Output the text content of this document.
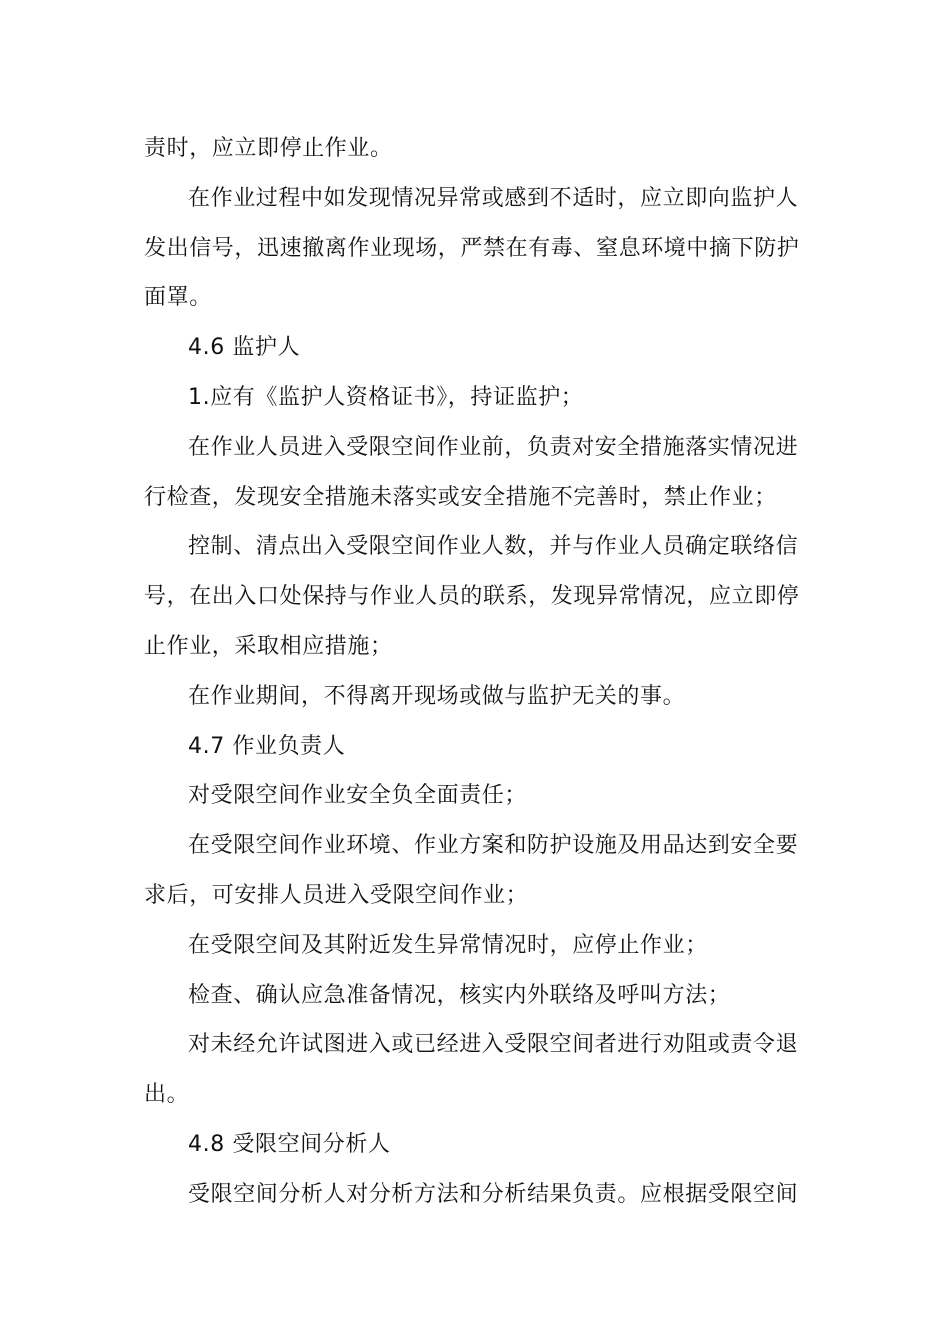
责时，应立即停止作业。

在作业过程中如发现情况异常或感到不适时，应立即向监护人发出信号，迅速撤离作业现场，严禁在有毒、窒息环境中摘下防护面罩。

4.6 监护人

1.应有《监护人资格证书》，持证监护；

在作业人员进入受限空间作业前，负责对安全措施落实情况进行检查，发现安全措施未落实或安全措施不完善时，禁止作业；

控制、清点出入受限空间作业人数，并与作业人员确定联络信号，在出入口处保持与作业人员的联系，发现异常情况，应立即停止作业，采取相应措施；

在作业期间，不得离开现场或做与监护无关的事。

4.7 作业负责人

对受限空间作业安全负全面责任；

在受限空间作业环境、作业方案和防护设施及用品达到安全要求后，可安排人员进入受限空间作业；

在受限空间及其附近发生异常情况时，应停止作业；

检查、确认应急准备情况，核实内外联络及呼叫方法；

对未经允许试图进入或已经进入受限空间者进行劝阻或责令退出。

4.8 受限空间分析人

受限空间分析人对分析方法和分析结果负责。应根据受限空间
